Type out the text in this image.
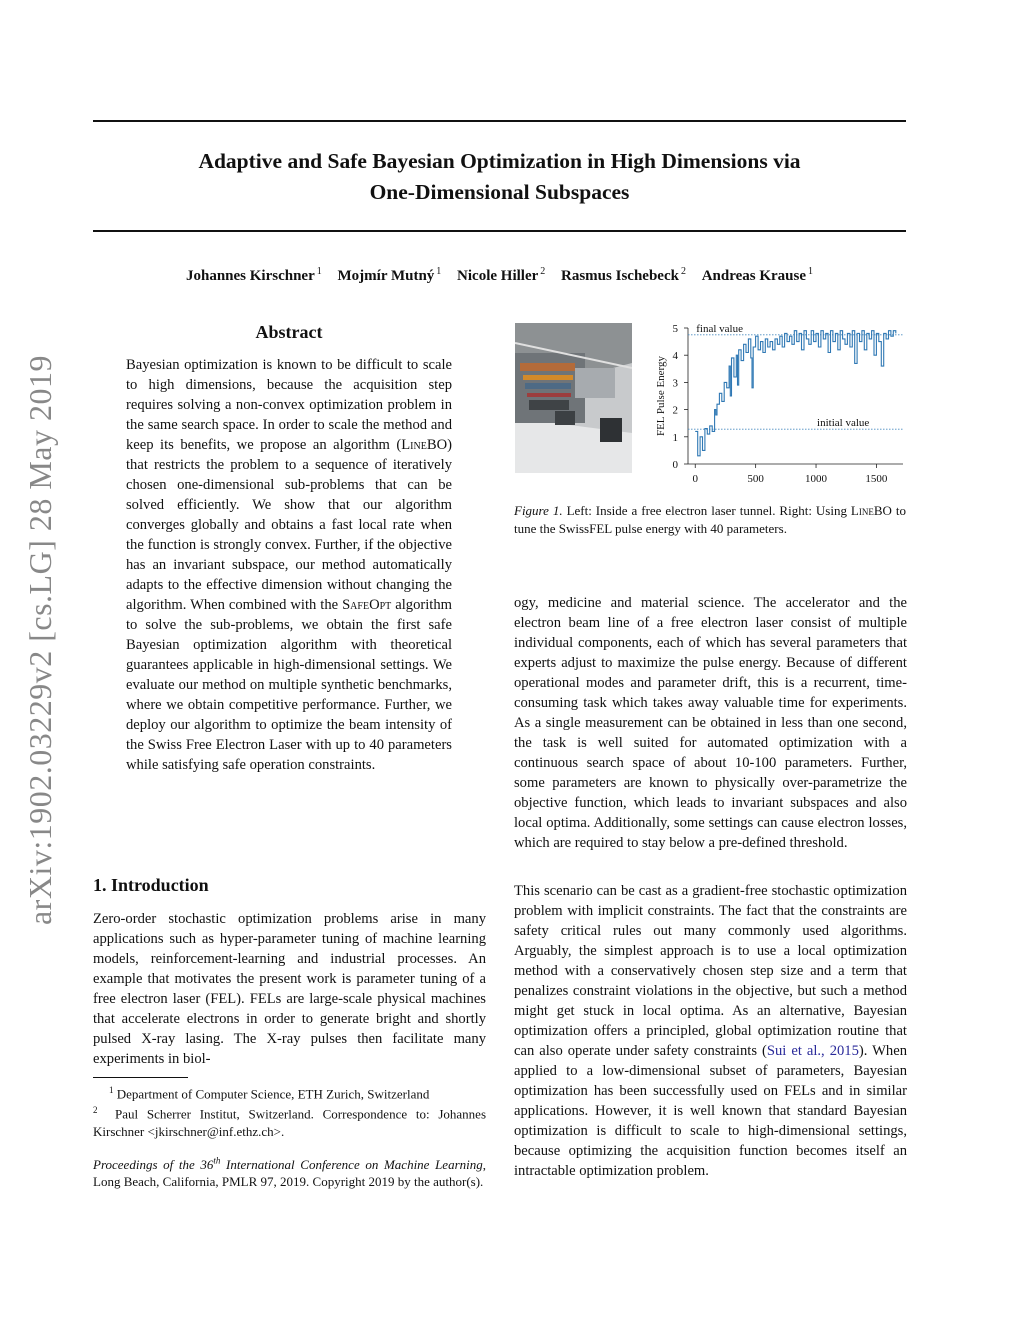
Adaptive and Safe Bayesian Optimization in High Dimensions via
One-Dimensional Subspaces
Johannes Kirschner $^1$ Mojmír Mutný $^1$ Nicole Hiller $^2$ Rasmus Ischebeck $^2$ Andreas Krause $^1$
arXiv:1902.03229v2 [cs.LG] 28 May 2019
Abstract

Bayesian optimization is known to be difficult to scale to high dimensions, because the acquisition step requires solving a non-convex optimization problem in the same search space. In order to scale the method and keep its benefits, we propose an algorithm (LineBO) that restricts the problem to a sequence of iteratively chosen one-dimensional sub-problems that can be solved efficiently. We show that our algorithm converges globally and obtains a fast local rate when the function is strongly convex. Further, if the objective has an invariant subspace, our method automatically adapts to the effective dimension without changing the algorithm. When combined with the SafeOpt algorithm to solve the sub-problems, we obtain the first safe Bayesian optimization algorithm with theoretical guarantees applicable in high-dimensional settings. We evaluate our method on multiple synthetic benchmarks, where we obtain competitive performance. Further, we deploy our algorithm to optimize the beam intensity of the Swiss Free Electron Laser with up to 40 parameters while satisfying safe operation constraints.

1. Introduction

Zero-order stochastic optimization problems arise in many applications such as hyper-parameter tuning of machine learning models, reinforcement-learning and industrial processes. An example that motivates the present work is parameter tuning of a free electron laser (FEL). FELs are large-scale physical machines that accelerate electrons in order to generate bright and shortly pulsed X-ray lasing. The X-ray pulses then facilitate many experiments in biol-

$^1$ Department of Computer Science, ETH Zurich, Switzerland

$^2$ Paul Scherrer Institut, Switzerland. Correspondence to: Johannes Kirschner <jkirschner@inf.ethz.ch>.

Proceedings of the 36th International Conference on Machine Learning, Long Beach, California, PMLR 97, 2019. Copyright 2019 by the author(s).

0
1
2
3
4
5
0	500	1000	1500
FEL Pulse Energy
final value
initial value

Figure 1. Left: Inside a free electron laser tunnel. Right: Using LineBO to tune the SwissFEL pulse energy with 40 parameters.

ogy, medicine and material science. The accelerator and the electron beam line of a free electron laser consist of multiple individual components, each of which has several parameters that experts adjust to maximize the pulse energy. Because of different operational modes and parameter drift, this is a recurrent, time-consuming task which takes away valuable time for experiments. As a single measurement can be obtained in less than one second, the task is well suited for automated optimization with a continuous search space of about 10-100 parameters. Further, some parameters are known to physically over-parametrize the objective function, which leads to invariant subspaces and also local optima. Additionally, some settings can cause electron losses, which are required to stay below a pre-defined threshold.

This scenario can be cast as a gradient-free stochastic optimization problem with implicit constraints. The fact that the constraints are safety critical rules out many commonly used algorithms. Arguably, the simplest approach is to use a local optimization method with a conservatively chosen step size and a term that penalizes constraint violations in the objective, but such a method might get stuck in local optima. As an alternative, Bayesian optimization offers a principled, global optimization routine that can also operate under safety constraints (Sui et al., 2015). When applied to a low-dimensional subset of parameters, Bayesian optimization has been successfully used on FELs and in similar applications. However, it is well known that standard Bayesian optimization is difficult to scale to high-dimensional settings, because optimizing the acquisition function becomes itself an intractable optimization problem.
